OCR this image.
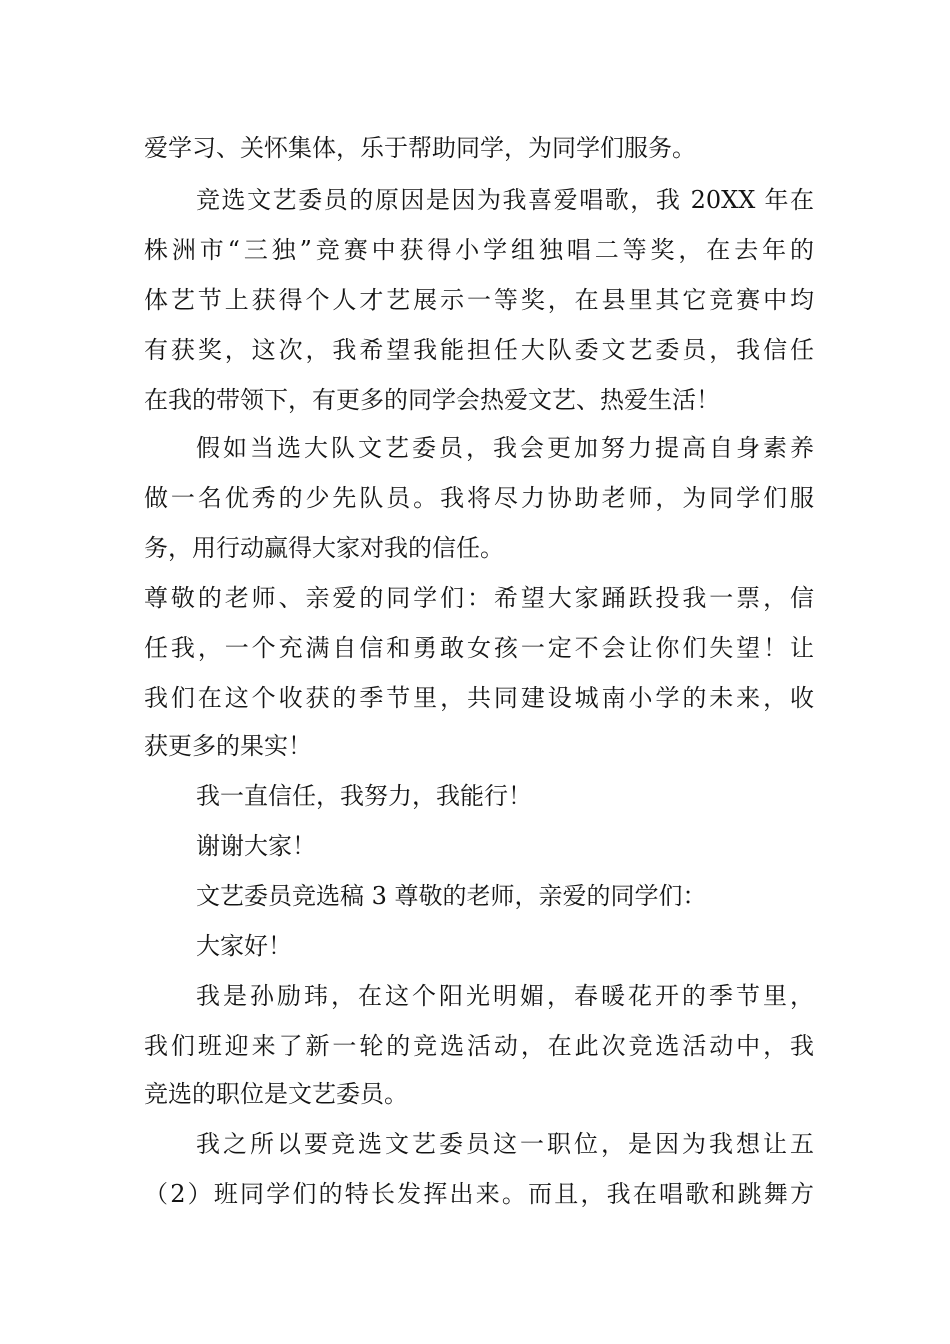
爱学习、关怀集体，乐于帮助同学，为同学们服务。
竞选文艺委员的原因是因为我喜爱唱歌，我 20XX 年在
株洲市“三独”竞赛中获得小学组独唱二等奖，在去年的
体艺节上获得个人才艺展示一等奖，在县里其它竞赛中均
有获奖，这次，我希望我能担任大队委文艺委员，我信任
在我的带领下，有更多的同学会热爱文艺、热爱生活！
假如当选大队文艺委员，我会更加努力提高自身素养
做一名优秀的少先队员。我将尽力协助老师，为同学们服
务，用行动赢得大家对我的信任。
尊敬的老师、亲爱的同学们：希望大家踊跃投我一票，信
任我，一个充满自信和勇敢女孩一定不会让你们失望！让
我们在这个收获的季节里，共同建设城南小学的未来，收
获更多的果实！
我一直信任，我努力，我能行！
谢谢大家！
文艺委员竞选稿 3 尊敬的老师，亲爱的同学们：
大家好！
我是孙励玮，在这个阳光明媚，春暖花开的季节里，
我们班迎来了新一轮的竞选活动，在此次竞选活动中，我
竞选的职位是文艺委员。
我之所以要竞选文艺委员这一职位，是因为我想让五
（2）班同学们的特长发挥出来。而且，我在唱歌和跳舞方
